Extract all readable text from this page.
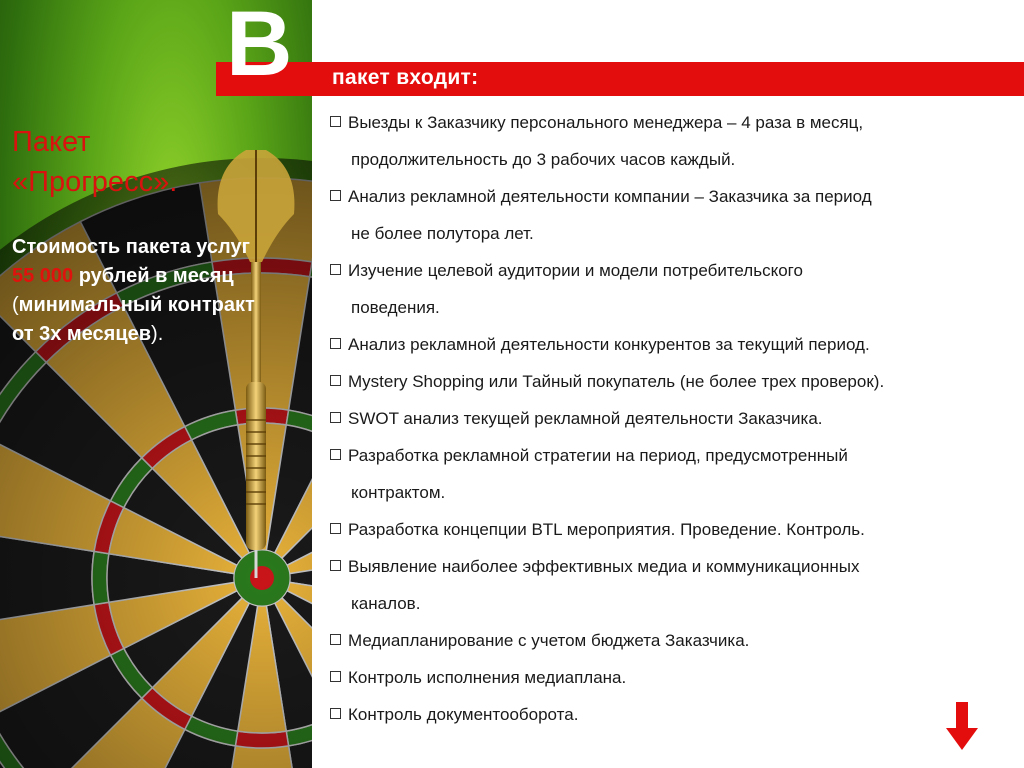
Пакет
«Прогресс».
Стоимость пакета услуг 55 000 рублей в месяц (минимальный контракт от 3х месяцев).
пакет входит:
В
Выезды к Заказчику персонального менеджера – 4 раза в месяц,
продолжительность до 3 рабочих часов каждый.
Анализ рекламной деятельности компании – Заказчика за период
не более полутора лет.
Изучение целевой аудитории и модели потребительского
поведения.
Анализ рекламной деятельности конкурентов за текущий период.
Mystery Shopping или Тайный покупатель (не более трех проверок).
SWOT анализ текущей рекламной деятельности Заказчика.
Разработка рекламной стратегии на период, предусмотренный
контрактом.
Разработка концепции BTL мероприятия. Проведение. Контроль.
Выявление наиболее эффективных медиа и коммуникационных
каналов.
Медиапланирование с учетом бюджета Заказчика.
Контроль исполнения медиаплана.
Контроль документооборота.
